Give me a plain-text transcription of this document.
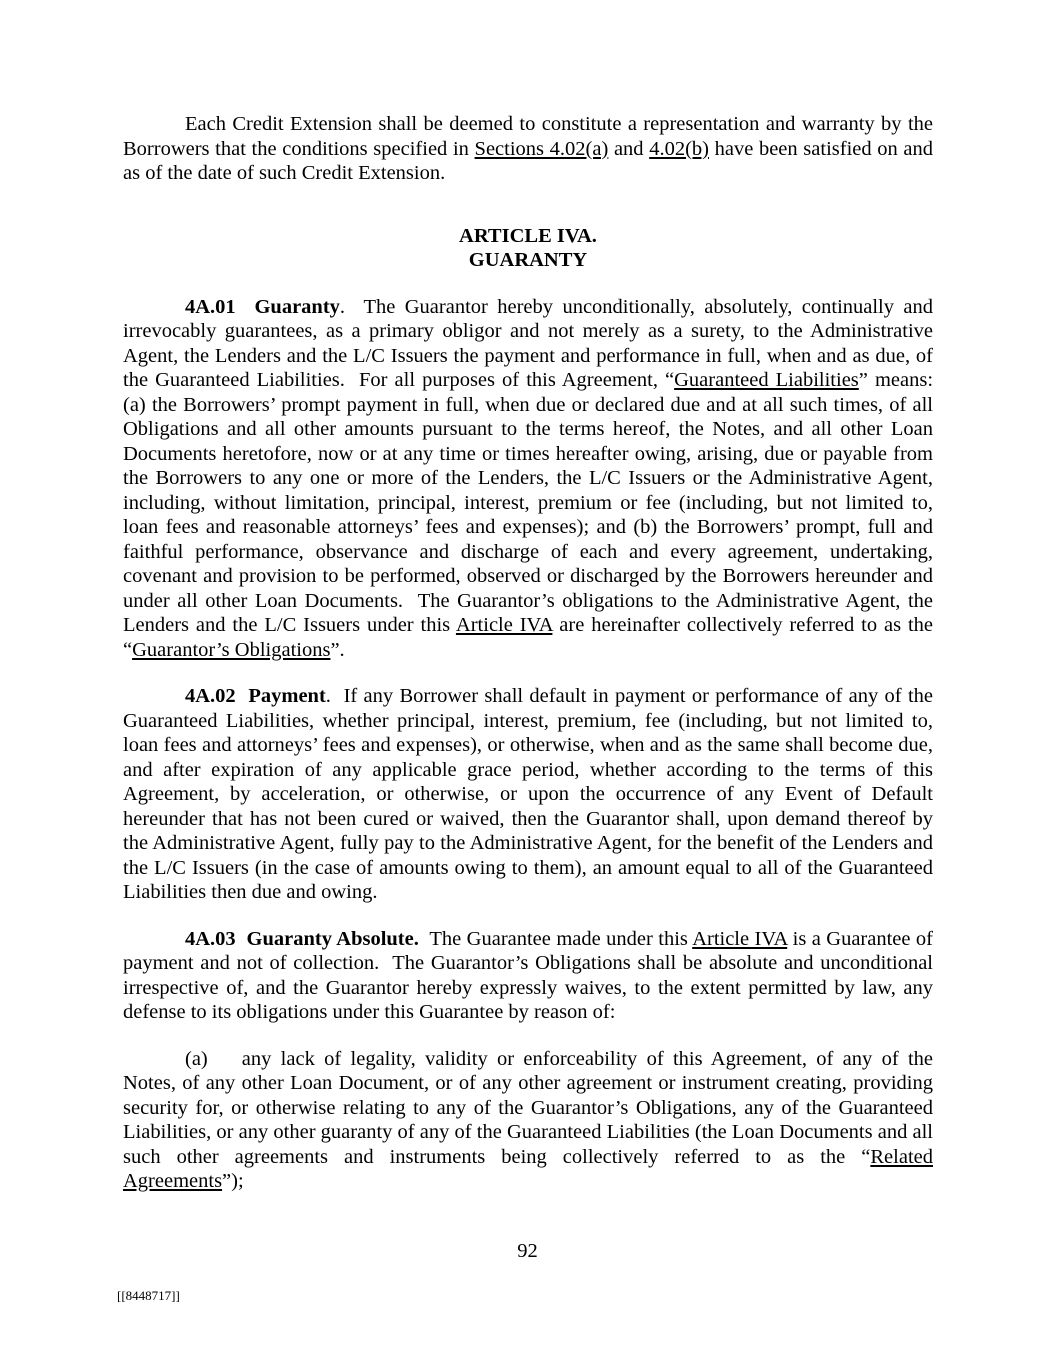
Each Credit Extension shall be deemed to constitute a representation and warranty by the Borrowers that the conditions specified in Sections 4.02(a) and 4.02(b) have been satisfied on and as of the date of such Credit Extension.

ARTICLE IVA.
GUARANTY

4A.01  Guaranty.  The Guarantor hereby unconditionally, absolutely, continually and irrevocably guarantees, as a primary obligor and not merely as a surety, to the Administrative Agent, the Lenders and the L/C Issuers the payment and performance in full, when and as due, of the Guaranteed Liabilities.  For all purposes of this Agreement, “Guaranteed Liabilities” means: (a) the Borrowers’ prompt payment in full, when due or declared due and at all such times, of all Obligations and all other amounts pursuant to the terms hereof, the Notes, and all other Loan Documents heretofore, now or at any time or times hereafter owing, arising, due or payable from the Borrowers to any one or more of the Lenders, the L/C Issuers or the Administrative Agent, including, without limitation, principal, interest, premium or fee (including, but not limited to, loan fees and reasonable attorneys’ fees and expenses); and (b) the Borrowers’ prompt, full and faithful performance, observance and discharge of each and every agreement, undertaking, covenant and provision to be performed, observed or discharged by the Borrowers hereunder and under all other Loan Documents.  The Guarantor’s obligations to the Administrative Agent, the Lenders and the L/C Issuers under this Article IVA are hereinafter collectively referred to as the “Guarantor’s Obligations”.

4A.02  Payment.  If any Borrower shall default in payment or performance of any of the Guaranteed Liabilities, whether principal, interest, premium, fee (including, but not limited to, loan fees and attorneys’ fees and expenses), or otherwise, when and as the same shall become due, and after expiration of any applicable grace period, whether according to the terms of this Agreement, by acceleration, or otherwise, or upon the occurrence of any Event of Default hereunder that has not been cured or waived, then the Guarantor shall, upon demand thereof by the Administrative Agent, fully pay to the Administrative Agent, for the benefit of the Lenders and the L/C Issuers (in the case of amounts owing to them), an amount equal to all of the Guaranteed Liabilities then due and owing.

4A.03  Guaranty Absolute.  The Guarantee made under this Article IVA is a Guarantee of payment and not of collection.  The Guarantor’s Obligations shall be absolute and unconditional irrespective of, and the Guarantor hereby expressly waives, to the extent permitted by law, any defense to its obligations under this Guarantee by reason of:

(a) any lack of legality, validity or enforceability of this Agreement, of any of the Notes, of any other Loan Document, or of any other agreement or instrument creating, providing security for, or otherwise relating to any of the Guarantor’s Obligations, any of the Guaranteed Liabilities, or any other guaranty of any of the Guaranteed Liabilities (the Loan Documents and all such other agreements and instruments being collectively referred to as the “Related Agreements”);

92
[[8448717]]
